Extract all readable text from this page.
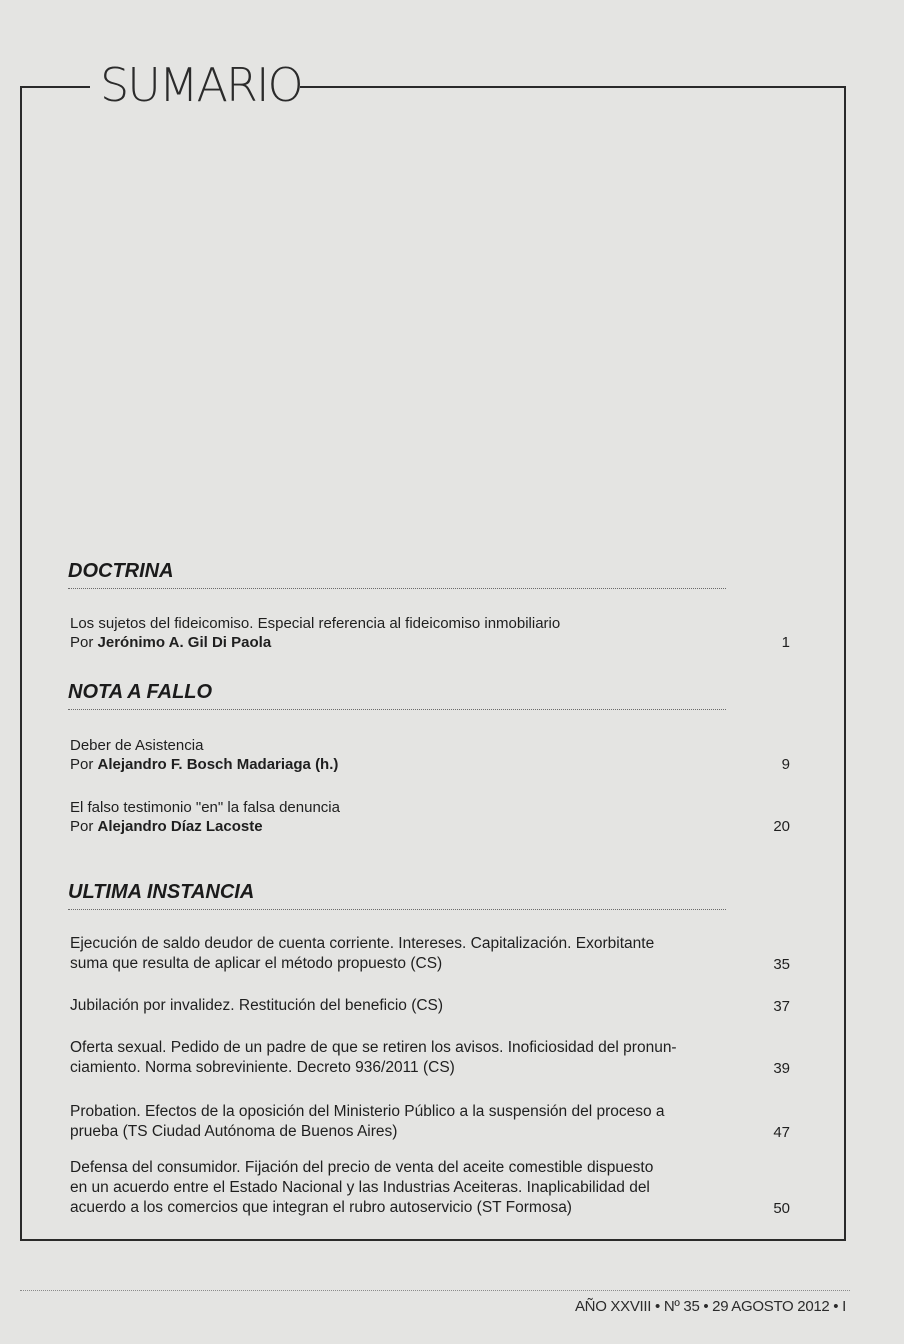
SUMARIO
DOCTRINA
Los sujetos del fideicomiso. Especial referencia al fideicomiso inmobiliario
Por Jerónimo A. Gil Di Paola	1
NOTA A FALLO
Deber de Asistencia
Por Alejandro F. Bosch Madariaga (h.)	9
El falso testimonio "en" la falsa denuncia
Por Alejandro Díaz Lacoste	20
ULTIMA INSTANCIA
Ejecución de saldo deudor de cuenta corriente. Intereses. Capitalización. Exorbitante
suma que resulta de aplicar el método propuesto (CS)	35
Jubilación por invalidez. Restitución del beneficio (CS)	37
Oferta sexual. Pedido de un padre de que se retiren los avisos. Inoficiosidad del pronun-
ciamiento. Norma sobreviniente. Decreto 936/2011 (CS)	39
Probation. Efectos de la oposición del Ministerio Público a la suspensión del proceso a
prueba (TS Ciudad Autónoma de Buenos Aires)	47
Defensa del consumidor. Fijación del precio de venta del aceite comestible dispuesto
en un acuerdo entre el Estado Nacional y las Industrias Aceiteras. Inaplicabilidad del
acuerdo a los comercios que integran el rubro autoservicio (ST Formosa)	50
AÑO XXVIII • Nº 35 • 29 AGOSTO 2012 • I
